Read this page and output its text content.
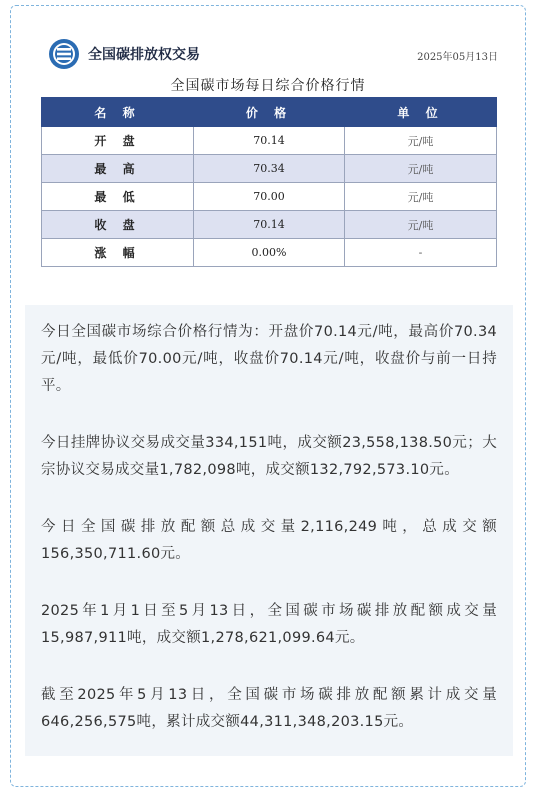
全国碳排放权交易	2025年05月13日
全国碳市场每日综合价格行情
名 称	价 格	单 位
开 盘	70.14	元/吨
最 高	70.34	元/吨
最 低	70.00	元/吨
收 盘	70.14	元/吨
涨 幅	0.00%	-

今日全国碳市场综合价格行情为：开盘价70.14元/吨，最高价70.34元/吨，最低价70.00元/吨，收盘价70.14元/吨，收盘价与前一日持平。

今日挂牌协议交易成交量334,151吨，成交额23,558,138.50元；大宗协议交易成交量1,782,098吨，成交额132,792,573.10元。

今日全国碳排放配额总成交量2,116,249吨，总成交额156,350,711.60元。

2025年1月1日至5月13日，全国碳市场碳排放配额成交量15,987,911吨，成交额1,278,621,099.64元。

截至2025年5月13日，全国碳市场碳排放配额累计成交量646,256,575吨，累计成交额44,311,348,203.15元。
